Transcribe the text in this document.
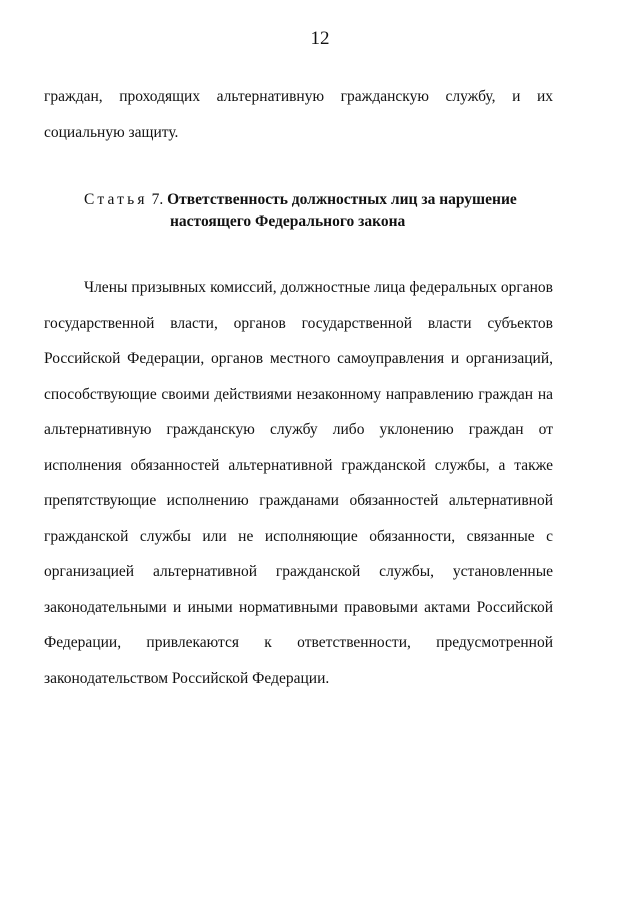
12
граждан, проходящих альтернативную гражданскую службу, и их
социальную защиту.
Статья 7. Ответственность должностных лиц за нарушение
настоящего Федерального закона
Члены призывных комиссий, должностные лица федеральных органов
государственной власти, органов государственной власти субъектов
Российской Федерации, органов местного самоуправления и организаций,
способствующие своими действиями незаконному направлению граждан на
альтернативную гражданскую службу либо уклонению граждан от
исполнения обязанностей альтернативной гражданской службы, а также
препятствующие исполнению гражданами обязанностей альтернативной
гражданской службы или не исполняющие обязанности, связанные с
организацией альтернативной гражданской службы, установленные
законодательными и иными нормативными правовыми актами Российской
Федерации, привлекаются к ответственности, предусмотренной
законодательством Российской Федерации.
